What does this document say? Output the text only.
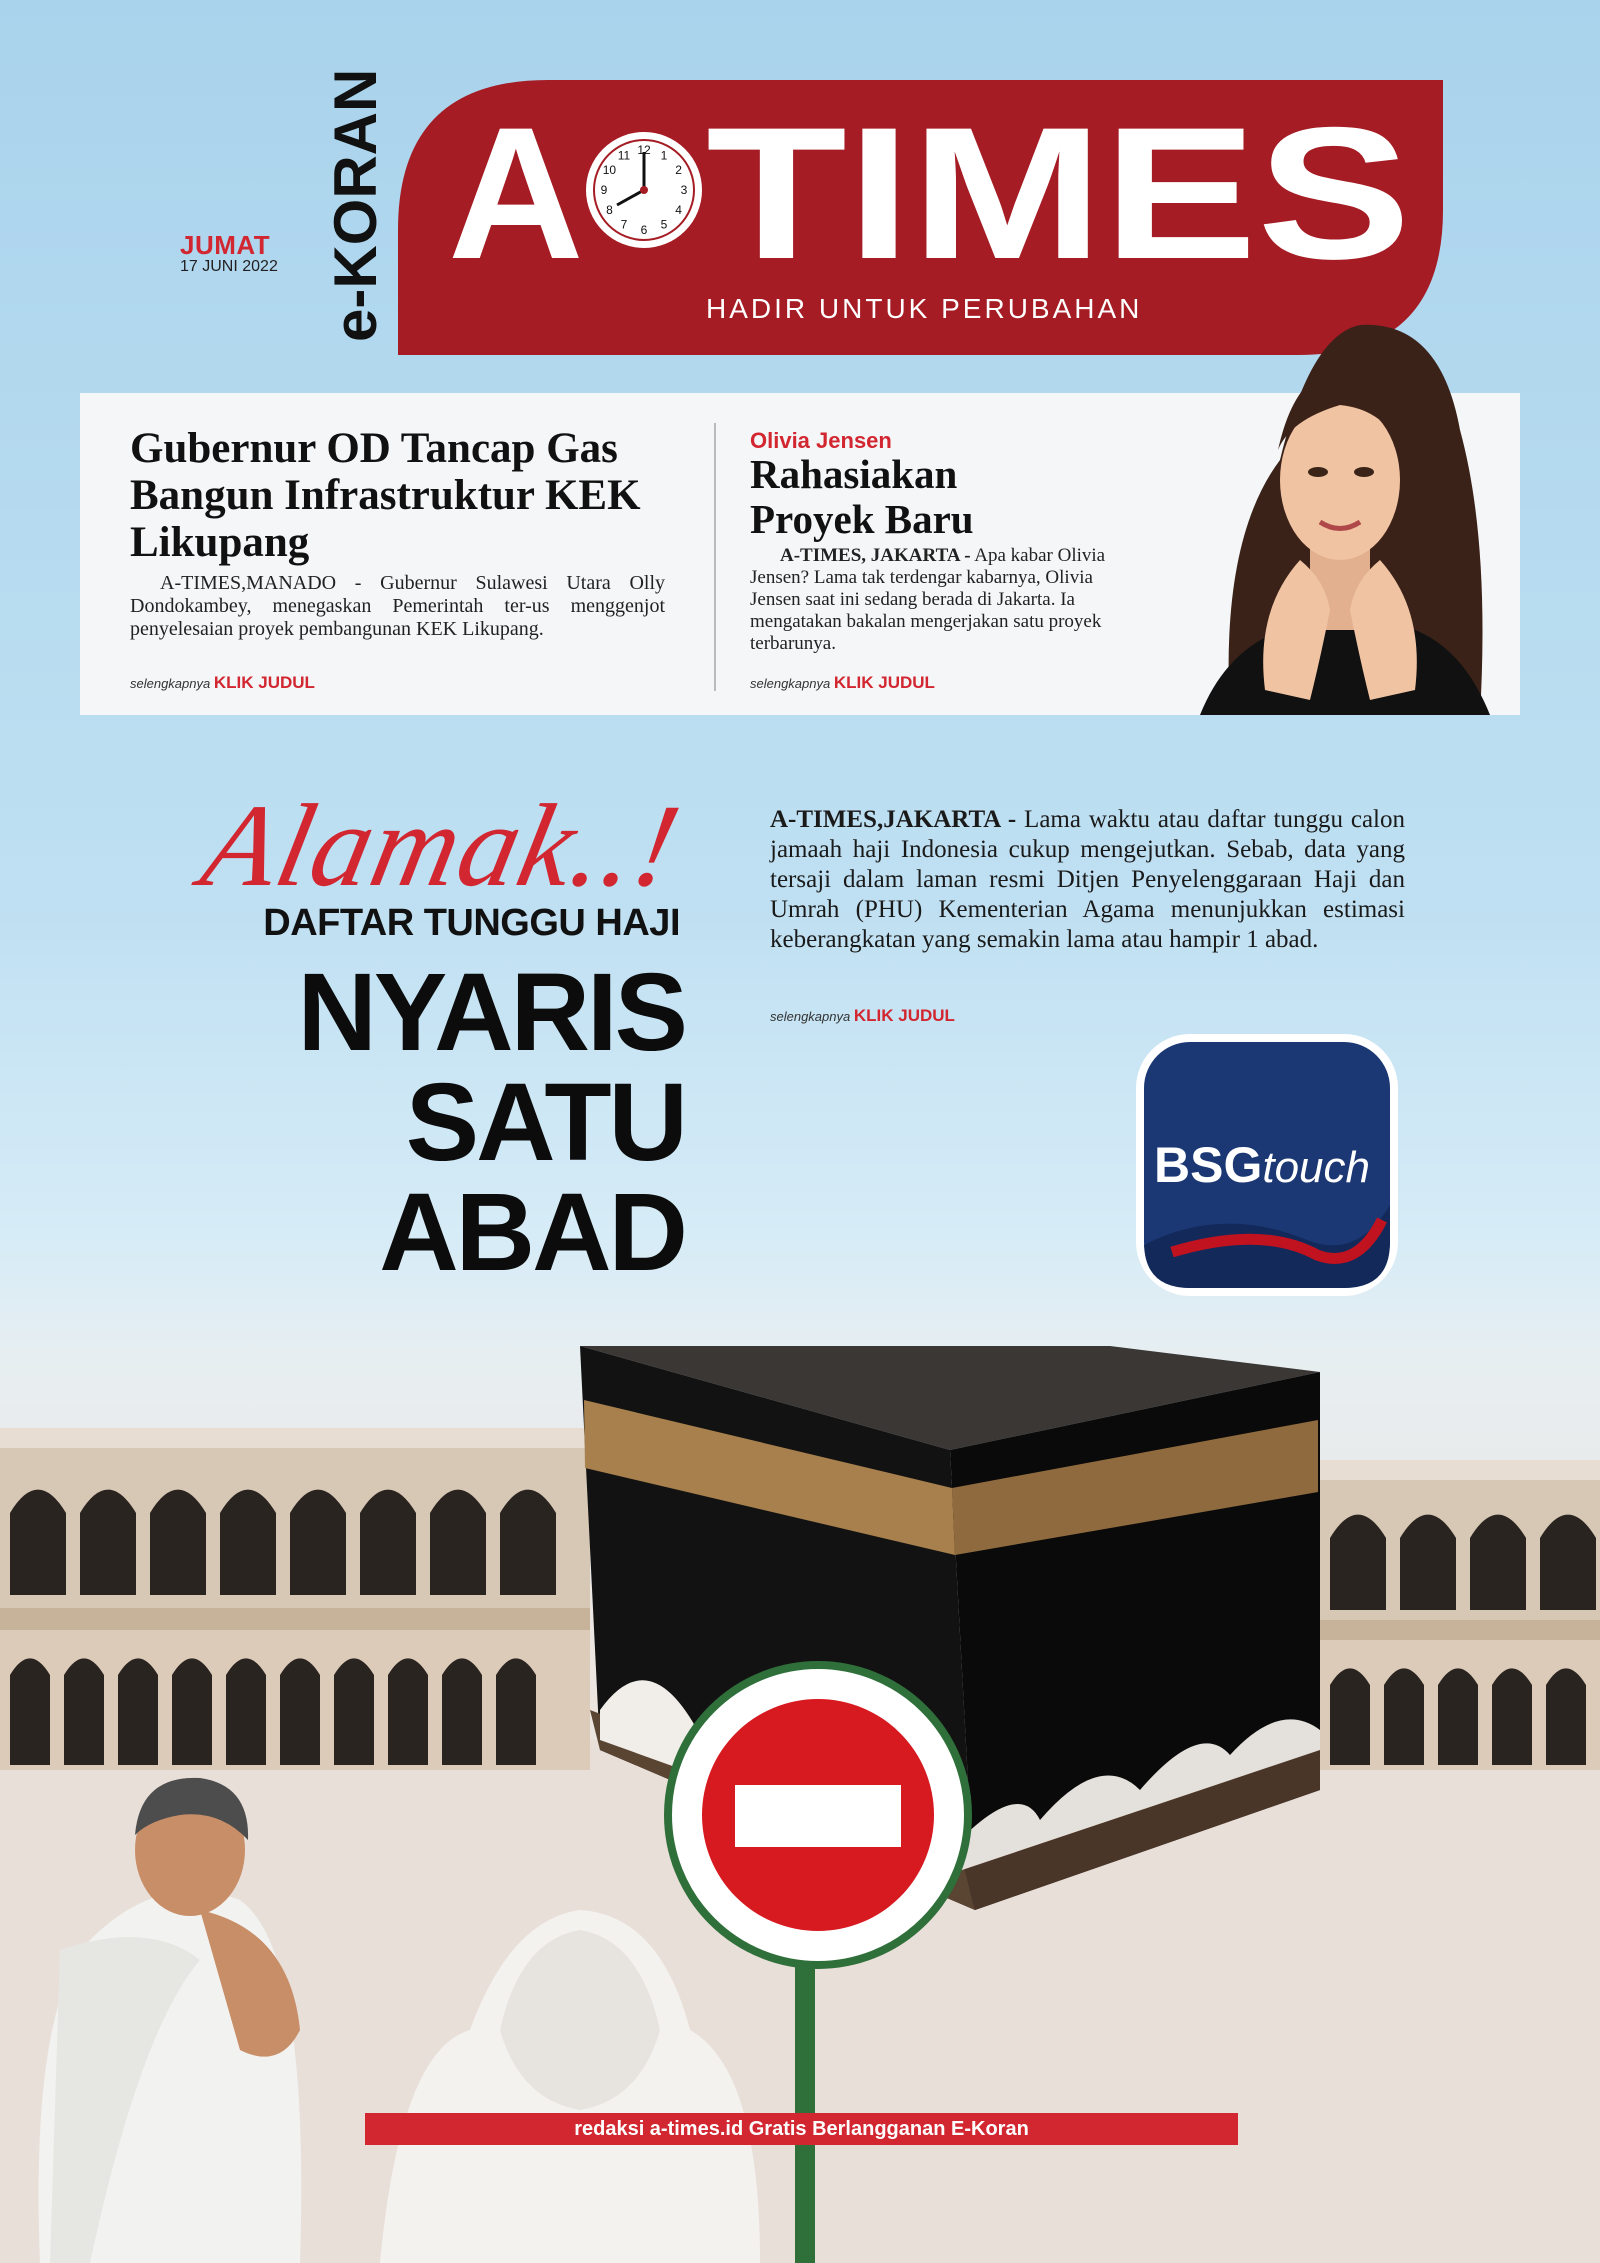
e-KORAN
JUMAT
17 JUNI 2022 A	12 1
2
3
4
5
6
7
8
9
10
11 TIMES
HADIR UNTUK PERUBAHAN
Gubernur OD Tancap Gas Bangun Infrastruktur KEK Likupang
A-TIMES,MANADO - Gubernur Sulawesi Utara Olly Dondokambey, menegaskan Pemerintah ter-us menggenjot penyelesaian proyek pembangunan KEK Likupang.
selengkapnya KLIK JUDUL
Olivia Jensen
Rahasiakan Proyek Baru
A-TIMES, JAKARTA - Apa kabar Olivia Jensen? Lama tak terdengar kabarnya, Olivia Jensen saat ini sedang berada di Jakarta. Ia mengatakan bakalan mengerjakan satu proyek terbarunya.
selengkapnya KLIK JUDUL
Alamak..!
DAFTAR TUNGGU HAJI
NYARIS
SATU
ABAD
A-TIMES,JAKARTA - Lama waktu atau daftar tunggu calon jamaah haji Indonesia cukup mengejutkan. Sebab, data yang tersaji dalam laman resmi Ditjen Penyelenggaraan Haji dan Umrah (PHU) Kementerian Agama menunjukkan estimasi keberangkatan yang semakin lama atau hampir 1 abad.
selengkapnya KLIK JUDUL
BSGtouch
redaksi a-times.id Gratis Berlangganan E-Koran
